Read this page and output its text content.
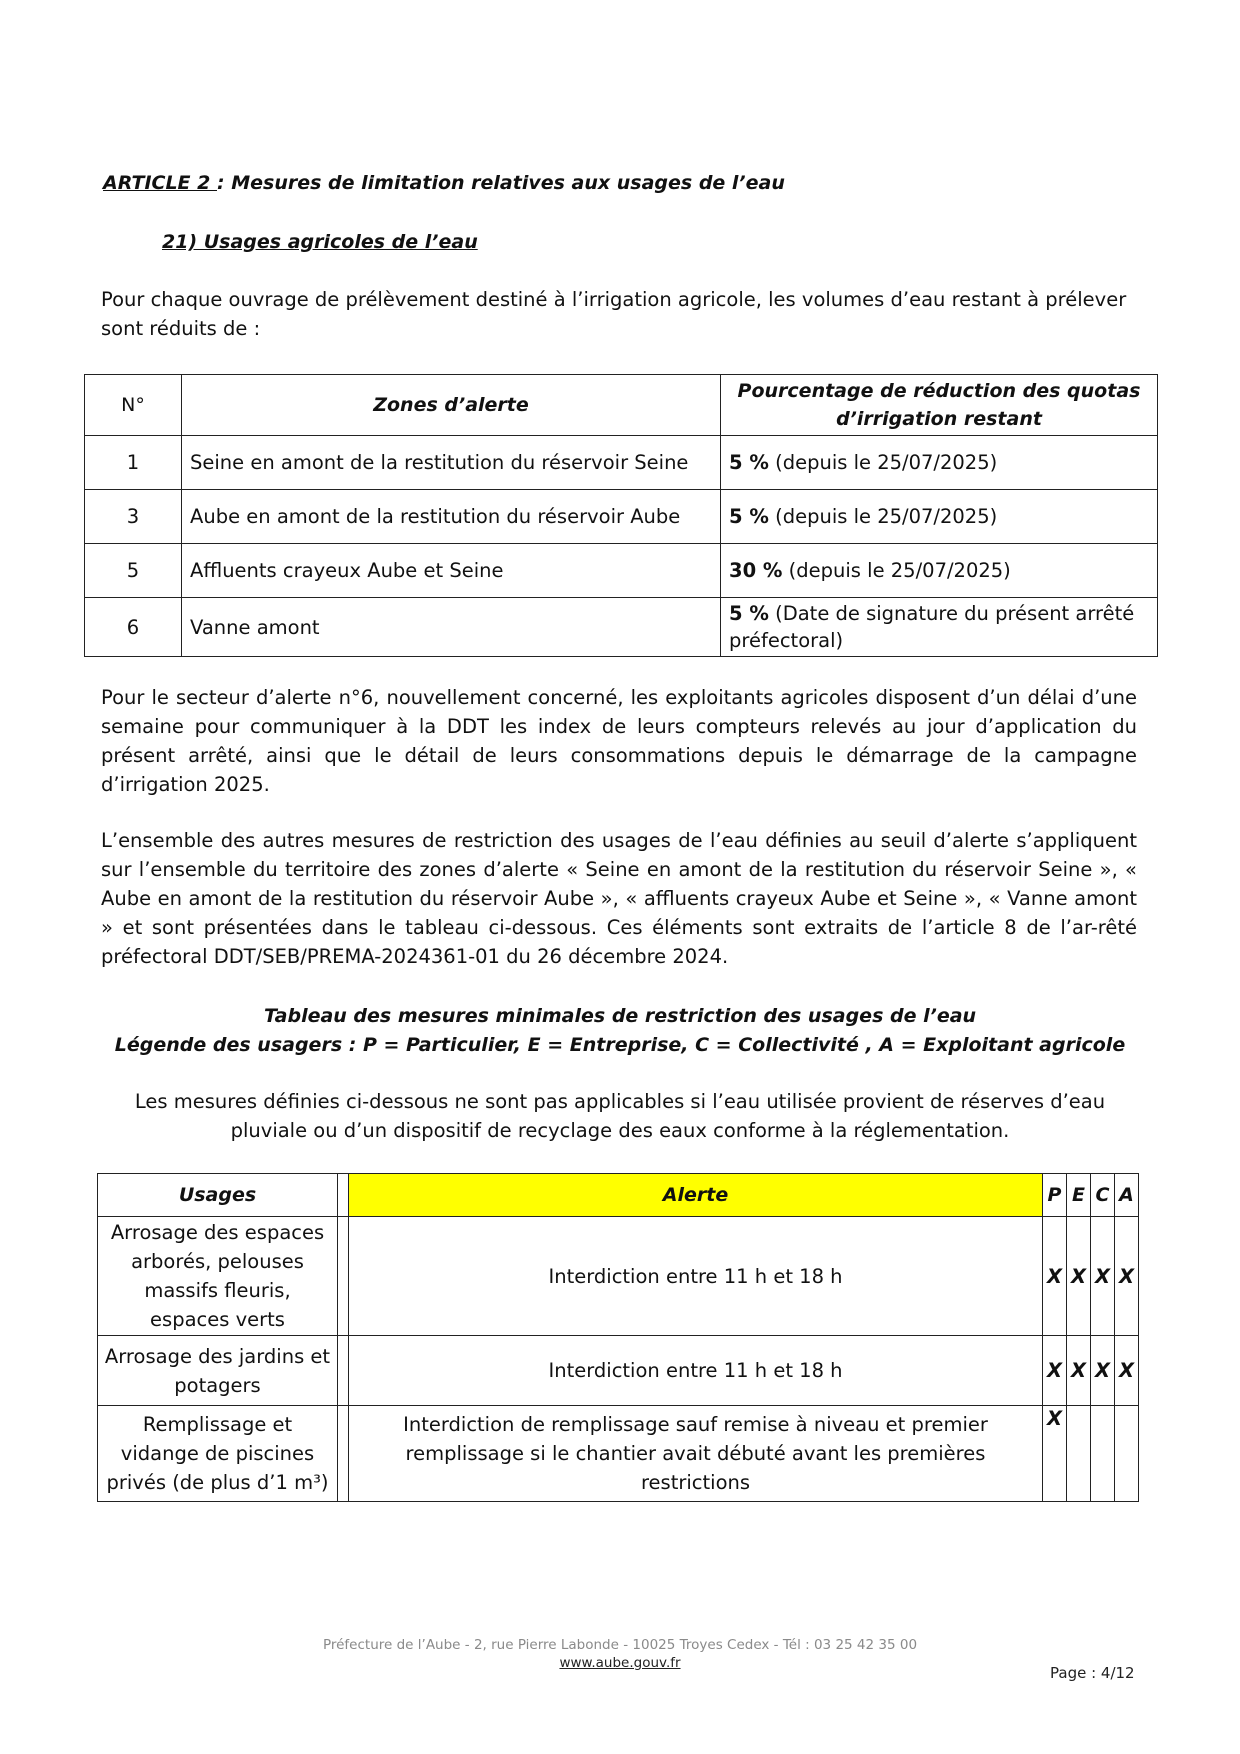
ARTICLE 2 : Mesures de limitation relatives aux usages de l’eau
21) Usages agricoles de l’eau
Pour chaque ouvrage de prélèvement destiné à l’irrigation agricole, les volumes d’eau restant à prélever sont réduits de :
N°	Zones d’alerte	Pourcentage de réduction des quotas d’irrigation restant
1	Seine en amont de la restitution du réservoir Seine	5 % (depuis le 25/07/2025)
3	Aube en amont de la restitution du réservoir Aube	5 % (depuis le 25/07/2025)
5	Affluents crayeux Aube et Seine	30 % (depuis le 25/07/2025)
6	Vanne amont	5 % (Date de signature du présent arrêté préfectoral)
Pour le secteur d’alerte n°6, nouvellement concerné, les exploitants agricoles disposent d’un délai d’une semaine pour communiquer à la DDT les index de leurs compteurs relevés au jour d’application du présent arrêté, ainsi que le détail de leurs consommations depuis le démarrage de la campagne d’irrigation 2025.
L’ensemble des autres mesures de restriction des usages de l’eau définies au seuil d’alerte s’appliquent sur l’ensemble du territoire des zones d’alerte « Seine en amont de la restitution du réservoir Seine », « Aube en amont de la restitution du réservoir Aube », « affluents crayeux Aube et Seine », « Vanne amont » et sont présentées dans le tableau ci-dessous. Ces éléments sont extraits de l’article 8 de l’ar-rêté préfectoral DDT/SEB/PREMA-2024361-01 du 26 décembre 2024.
Tableau des mesures minimales de restriction des usages de l’eau
Légende des usagers : P = Particulier, E = Entreprise, C = Collectivité , A = Exploitant agricole
Les mesures définies ci-dessous ne sont pas applicables si l’eau utilisée provient de réserves d’eau pluviale ou d’un dispositif de recyclage des eaux conforme à la réglementation.
Usages		Alerte	P	E	C	A
Arrosage des espaces arborés, pelouses massifs fleuris, espaces verts		Interdiction entre 11 h et 18 h	X	X	X	X
Arrosage des jardins et potagers		Interdiction entre 11 h et 18 h	X	X	X	X
Remplissage et vidange de piscines privés (de plus d’1 m³)		Interdiction de remplissage sauf remise à niveau et premier remplissage si le chantier avait débuté avant les premières restrictions	X			
Préfecture de l’Aube - 2, rue Pierre Labonde - 10025 Troyes Cedex - Tél : 03 25 42 35 00
www.aube.gouv.fr
Page : 4/12
